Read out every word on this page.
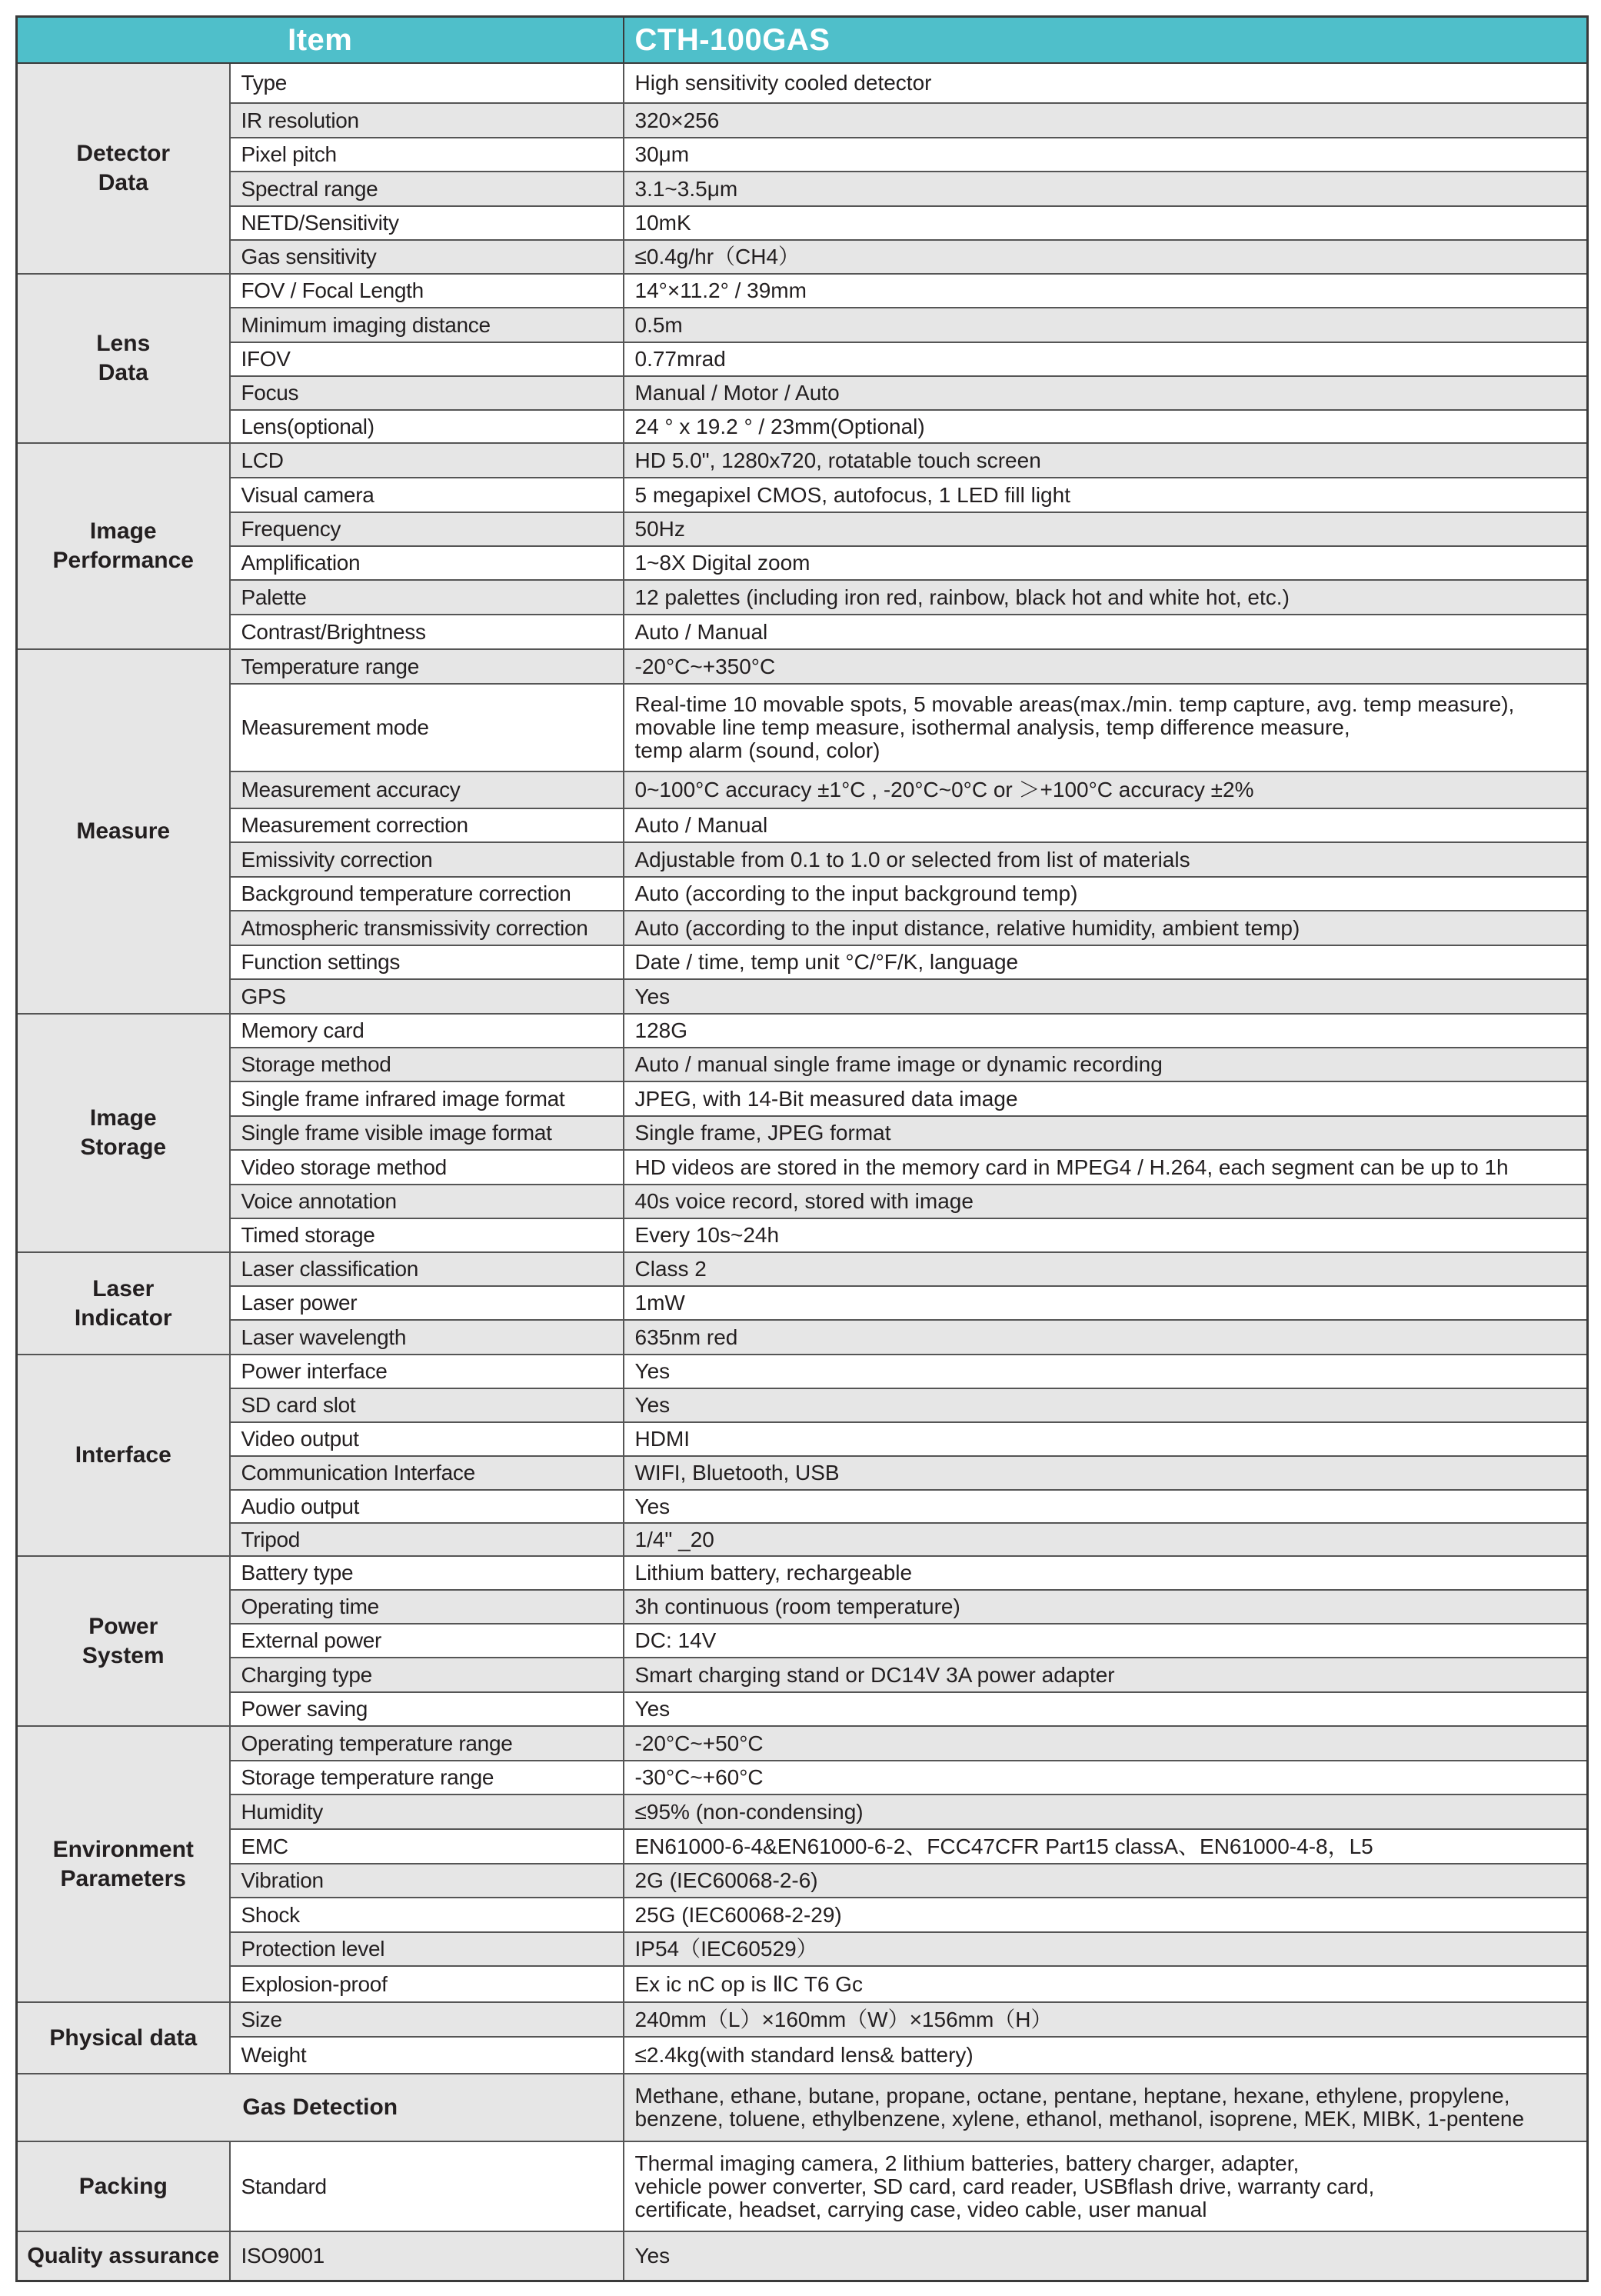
Item		CTH-100GAS

Detector
Data	Type	High sensitivity cooled detector
	IR resolution	320×256
	Pixel pitch	30μm
	Spectral range	3.1~3.5μm
	NETD/Sensitivity	10mK
	Gas sensitivity	≤0.4g/hr（CH4）

Lens
Data	FOV / Focal Length	14°×11.2° / 39mm
	Minimum imaging distance	0.5m
	IFOV	0.77mrad
	Focus	Manual / Motor / Auto
	Lens(optional)	24 ° x 19.2 ° / 23mm(Optional)

Image
Performance	LCD	HD 5.0", 1280x720, rotatable touch screen
	Visual camera	5 megapixel CMOS, autofocus, 1 LED fill light
	Frequency	50Hz
	Amplification	1~8X Digital zoom
	Palette	12 palettes (including iron red, rainbow, black hot and white hot, etc.)
	Contrast/Brightness	Auto / Manual

Measure	Temperature range	-20°C~+350°C
	Measurement mode	Real-time 10 movable spots, 5 movable areas(max./min. temp capture, avg. temp measure),
movable line temp measure, isothermal analysis, temp difference measure,
temp alarm (sound, color)

	Measurement accuracy	0~100°C accuracy ±1°C , -20°C~0°C or ＞+100°C accuracy ±2%
	Measurement correction	Auto / Manual
	Emissivity correction	Adjustable from 0.1 to 1.0 or selected from list of materials
	Background temperature correction	Auto (according to the input background temp)
	Atmospheric transmissivity correction	Auto (according to the input distance, relative humidity, ambient temp)
	Function settings	Date / time, temp unit °C/°F/K, language
	GPS	Yes

Image
Storage	Memory card	128G
	Storage method	Auto / manual single frame image or dynamic recording
	Single frame infrared image format	JPEG, with 14-Bit measured data image
	Single frame visible image format	Single frame, JPEG format
	Video storage method	HD videos are stored in the memory card in MPEG4 / H.264, each segment can be up to 1h
	Voice annotation	40s voice record, stored with image
	Timed storage	Every 10s~24h

Laser
Indicator	Laser classification	Class 2
	Laser power	1mW
	Laser wavelength	635nm red

Interface	Power interface	Yes
	SD card slot	Yes
	Video output	HDMI
	Communication Interface	WIFI, Bluetooth, USB
	Audio output	Yes
	Tripod	1/4" _20

Power
System	Battery type	Lithium battery, rechargeable
	Operating time	3h continuous (room temperature)
	External power	DC: 14V
	Charging type	Smart charging stand or DC14V 3A power adapter
	Power saving	Yes

Environment
Parameters	Operating temperature range	-20°C~+50°C
	Storage temperature range	-30°C~+60°C
	Humidity	≤95% (non-condensing)
	EMC	EN61000-6-4&EN61000-6-2、FCC47CFR Part15 classA、EN61000-4-8，L5
	Vibration	2G (IEC60068-2-6)
	Shock	25G (IEC60068-2-29)
	Protection level	IP54（IEC60529）
	Explosion-proof	Ex ic nC op is ⅡC T6 Gc

Physical data	Size	240mm（L）×160mm（W）×156mm（H）
	Weight	≤2.4kg(with standard lens& battery)
Gas Detection		Methane, ethane, butane, propane, octane, pentane, heptane, hexane, ethylene, propylene,
benzene, toluene, ethylbenzene, xylene, ethanol, methanol, isoprene, MEK, MIBK, 1-pentene

Packing	Standard	Thermal imaging camera, 2 lithium batteries, battery charger, adapter,
vehicle power converter, SD card, card reader, USBflash drive, warranty card,
certificate, headset, carrying case, video cable, user manual

Quality assurance	ISO9001	Yes
